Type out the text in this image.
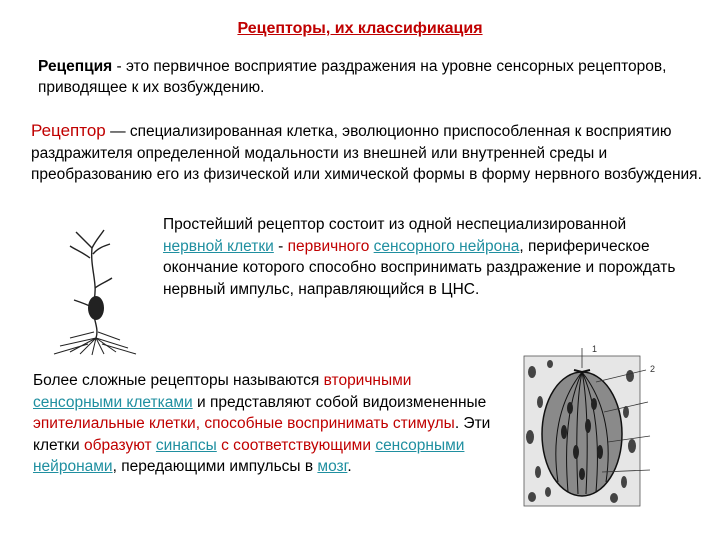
Рецепторы, их классификация
Рецепция - это первичное восприятие раздражения на уровне сенсорных рецепторов, приводящее к их возбуждению.
Рецептор — специализированная клетка, эволюционно приспособленная к восприятию раздражителя определенной модальности из внешней или внутренней среды и преобразованию его из физической или химической формы в форму нервного возбуждения.
Простейший рецептор состоит из одной неспециализированной нервной клетки - первичного сенсорного нейрона, периферическое окончание которого способно воспринимать раздражение и порождать нервный импульс, направляющийся в ЦНС.
Более сложные рецепторы называются вторичными сенсорными клетками и представляют собой видоизмененные эпителиальные клетки, способные воспринимать стимулы. Эти клетки образуют синапсы с соответствующими сенсорными нейронами, передающими импульсы в мозг.
1
2
